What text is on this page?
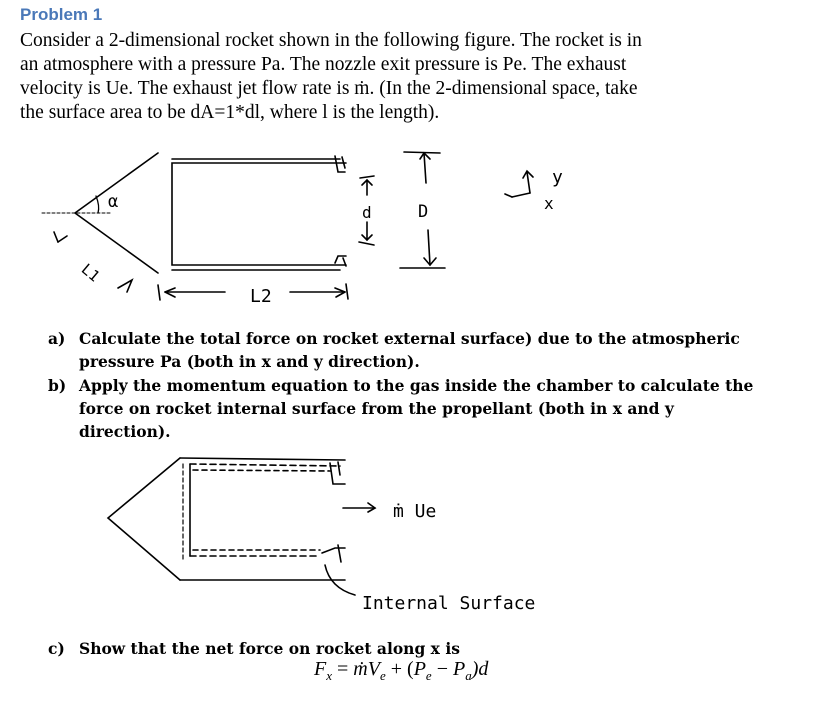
Problem 1
Consider a 2-dimensional rocket shown in the following figure. The rocket is in
an atmosphere with a pressure Pa. The nozzle exit pressure is Pe. The exhaust
velocity is Ue. The exhaust jet flow rate is ṁ. (In the 2-dimensional space, take
the surface area to be dA=1*dl, where l is the length).
α
L1
L2
d	D
y
x
ṁ Ue
Internal Surface
a) Calculate the total force on rocket external surface) due to the atmospheric
pressure Pa (both in x and y direction).
b) Apply the momentum equation to the gas inside the chamber to calculate the
force on rocket internal surface from the propellant (both in x and y
direction).
c) Show that the net force on rocket along x is
$F_x$ = ṁV$_e$ + $(P_e - P_a)d$
